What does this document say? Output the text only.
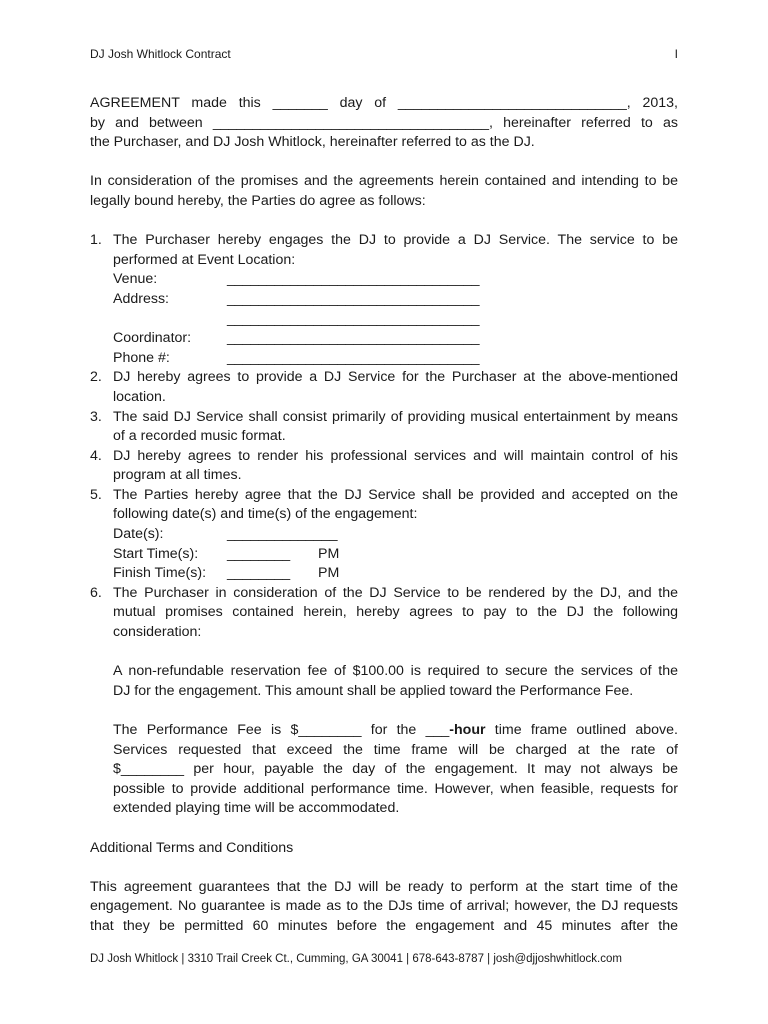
DJ Josh Whitlock Contract	I

AGREEMENT made this _______ day of _____________________________, 2013,

by and between ___________________________________, hereinafter referred to as

the Purchaser, and DJ Josh Whitlock, hereinafter referred to as the DJ.

In consideration of the promises and the agreements herein contained and intending to be

legally bound hereby, the Parties do agree as follows:

1. The Purchaser hereby engages the DJ to provide a DJ Service. The service to be

performed at Event Location:

Venue:	________________________________
Address:	________________________________
________________________________
Coordinator:	________________________________
Phone #:	________________________________
2. DJ hereby agrees to provide a DJ Service for the Purchaser at the above-mentioned

location.

3. The said DJ Service shall consist primarily of providing musical entertainment by means

of a recorded music format.

4. DJ hereby agrees to render his professional services and will maintain control of his

program at all times.

5. The Parties hereby agree that the DJ Service shall be provided and accepted on the

following date(s) and time(s) of the engagement:

Date(s):	______________
Start Time(s):	________ PM
Finish Time(s):	________ PM
6. The Purchaser in consideration of the DJ Service to be rendered by the DJ, and the

mutual promises contained herein, hereby agrees to pay to the DJ the following

consideration:

A non-refundable reservation fee of $100.00 is required to secure the services of the

DJ for the engagement. This amount shall be applied toward the Performance Fee.

The Performance Fee is $________ for the ___-hour time frame outlined above.

Services requested that exceed the time frame will be charged at the rate of

$________ per hour, payable the day of the engagement. It may not always be

possible to provide additional performance time. However, when feasible, requests for

extended playing time will be accommodated.

Additional Terms and Conditions

This agreement guarantees that the DJ will be ready to perform at the start time of the

engagement. No guarantee is made as to the DJs time of arrival; however, the DJ requests

that they be permitted 60 minutes before the engagement and 45 minutes after the

DJ Josh Whitlock | 3310 Trail Creek Ct., Cumming, GA 30041 | 678-643-8787 | josh@djjoshwhitlock.com
